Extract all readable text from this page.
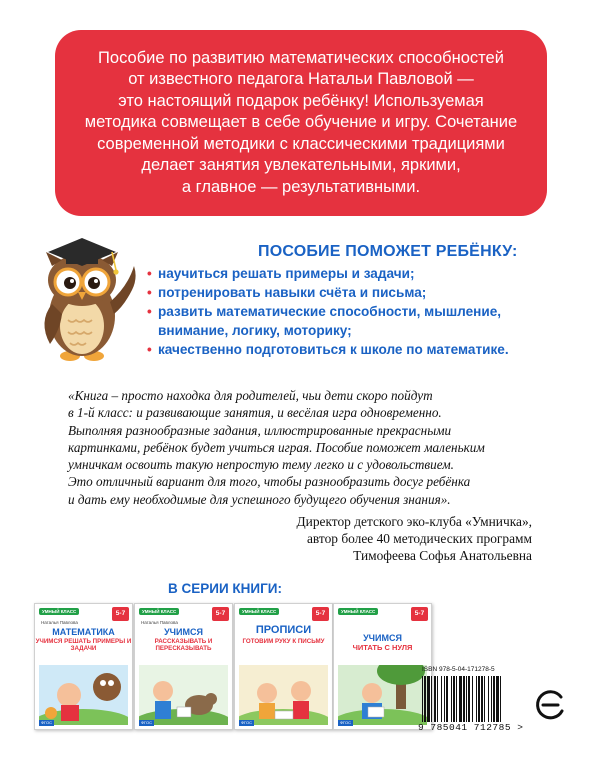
Пособие по развитию математических способностей
от известного педагога Натальи Павловой —
это настоящий подарок ребёнку! Используемая
методика совмещает в себе обучение и игру. Сочетание
современной методики с классическими традициями
делает занятия увлекательными, яркими,
а главное — результативными.
ПОСОБИЕ ПОМОЖЕТ РЕБЁНКУ:
• научиться решать примеры и задачи;
• потренировать навыки счёта и письма;
• развить математические способности, мышление,
внимание, логику, моторику;
• качественно подготовиться к школе по математике.
«Книга – просто находка для родителей, чьи дети скоро пойдут
в 1-й класс: и развивающие занятия, и весёлая игра одновременно.
Выполняя разнообразные задания, иллюстрированные прекрасными
картинками, ребёнок будет учиться играя. Пособие поможет маленьким
умничкам освоить такую непростую тему легко и с удовольствием.
Это отличный вариант для того, чтобы разнообразить досуг ребёнка
и дать ему необходимые для успешного будущего обучения знания».
Директор детского эко-клуба «Умничка»,
автор более 40 методических программ
Тимофеева Софья Анатольевна
В СЕРИИ КНИГИ:
УМНЫЙ КЛАСС	5-7
Наталья Павлова
МАТЕМАТИКА
УЧИМСЯ РЕШАТЬ ПРИМЕРЫ И ЗАДАЧИ
ФГОС
УМНЫЙ КЛАСС	5-7
Наталья Павлова
УЧИМСЯ
РАССКАЗЫВАТЬ И ПЕРЕСКАЗЫВАТЬ
ФГОС
УМНЫЙ КЛАСС	5-7
ПРОПИСИ
ГОТОВИМ РУКУ К ПИСЬМУ
ФГОС
УМНЫЙ КЛАСС	5-7
УЧИМСЯ
ЧИТАТЬ С НУЛЯ
ФГОС
ISBN 978-5-04-171278-5
9 785041 712785 >
